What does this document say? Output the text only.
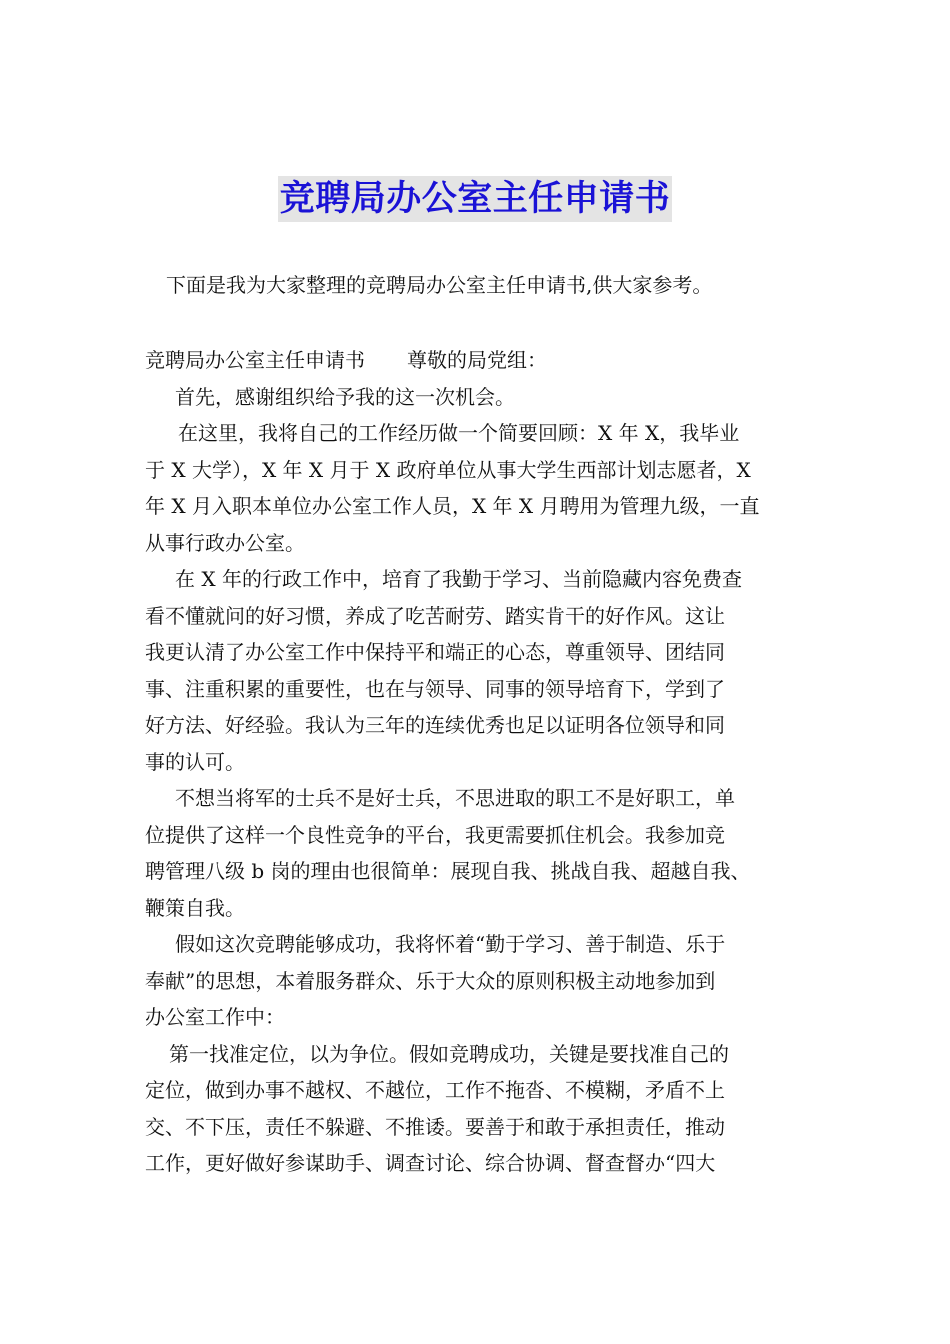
竞聘局办公室主任申请书
下面是我为大家整理的竞聘局办公室主任申请书,供大家参考。
竞聘局办公室主任申请书 尊敬的局党组：
首先，感谢组织给予我的这一次机会。
在这里，我将自己的工作经历做一个简要回顾：X 年 X，我毕业
于 X 大学），X 年 X 月于 X 政府单位从事大学生西部计划志愿者，X
年 X 月入职本单位办公室工作人员，X 年 X 月聘用为管理九级，一直
从事行政办公室。
在 X 年的行政工作中，培育了我勤于学习、当前隐藏内容免费查
看不懂就问的好习惯，养成了吃苦耐劳、踏实肯干的好作风。这让
我更认清了办公室工作中保持平和端正的心态，尊重领导、团结同
事、注重积累的重要性，也在与领导、同事的领导培育下，学到了
好方法、好经验。我认为三年的连续优秀也足以证明各位领导和同
事的认可。
不想当将军的士兵不是好士兵，不思进取的职工不是好职工，单
位提供了这样一个良性竞争的平台，我更需要抓住机会。我参加竞
聘管理八级 b 岗的理由也很简单：展现自我、挑战自我、超越自我、
鞭策自我。
假如这次竞聘能够成功，我将怀着“勤于学习、善于制造、乐于
奉献”的思想，本着服务群众、乐于大众的原则积极主动地参加到
办公室工作中：
第一找准定位，以为争位。假如竞聘成功，关键是要找准自己的
定位，做到办事不越权、不越位，工作不拖沓、不模糊，矛盾不上
交、不下压，责任不躲避、不推诿。要善于和敢于承担责任，推动
工作，更好做好参谋助手、调查讨论、综合协调、督查督办“四大
